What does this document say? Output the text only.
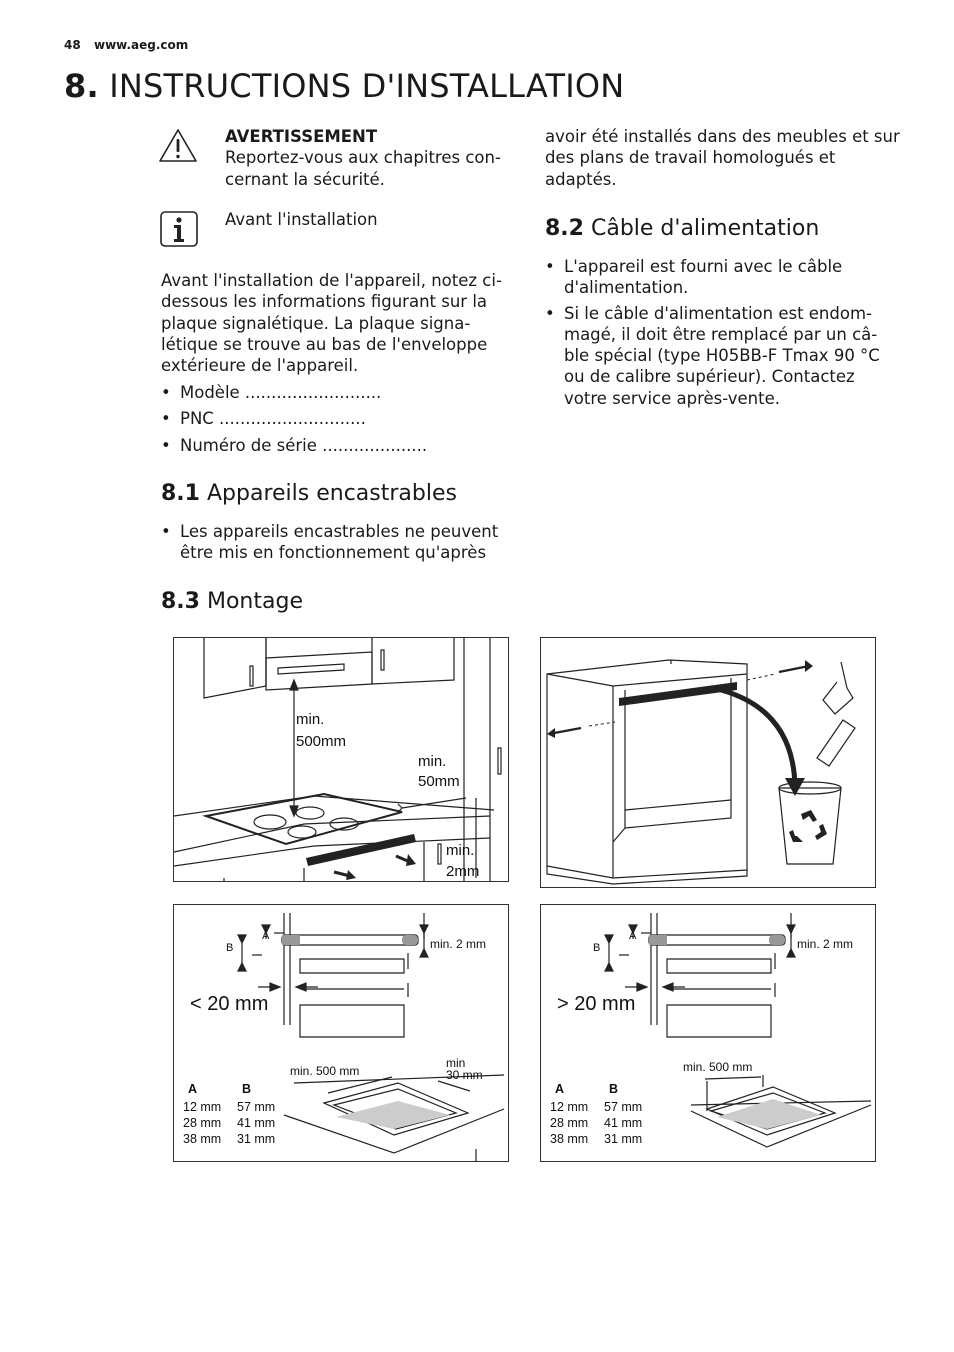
48 www.aeg.com
8. INSTRUCTIONS D'INSTALLATION
AVERTISSEMENT
Reportez-vous aux chapitres con-cernant la sécurité.
Avant l'installation
Avant l'installation de l'appareil, notez ci-dessous les informations figurant sur la plaque signalétique. La plaque signa-létique se trouve au bas de l'enveloppe extérieure de l'appareil.
• Modèle ..........................
• PNC ............................
• Numéro de série ....................
8.1 Appareils encastrables
• Les appareils encastrables ne peuvent être mis en fonctionnement qu'après
avoir été installés dans des meubles et sur des plans de travail homologués et adaptés.
8.2 Câble d'alimentation
• L'appareil est fourni avec le câble d'alimentation.
• Si le câble d'alimentation est endom-magé, il doit être remplacé par un câ-ble spécial (type H05BB-F Tmax 90 °C ou de calibre supérieur). Contactez votre service après-vente.
8.3 Montage
min.
500mm
min.
50mm
min.
2mm
A
B	min. 2 mm
< 20 mm
min. 500 mm
min
30 mm
A	B
12 mm 57 mm
28 mm 41 mm
38 mm 31 mm
A
B	min. 2 mm
> 20 mm
min. 500 mm
A	B
12 mm 57 mm
28 mm 41 mm
38 mm 31 mm
